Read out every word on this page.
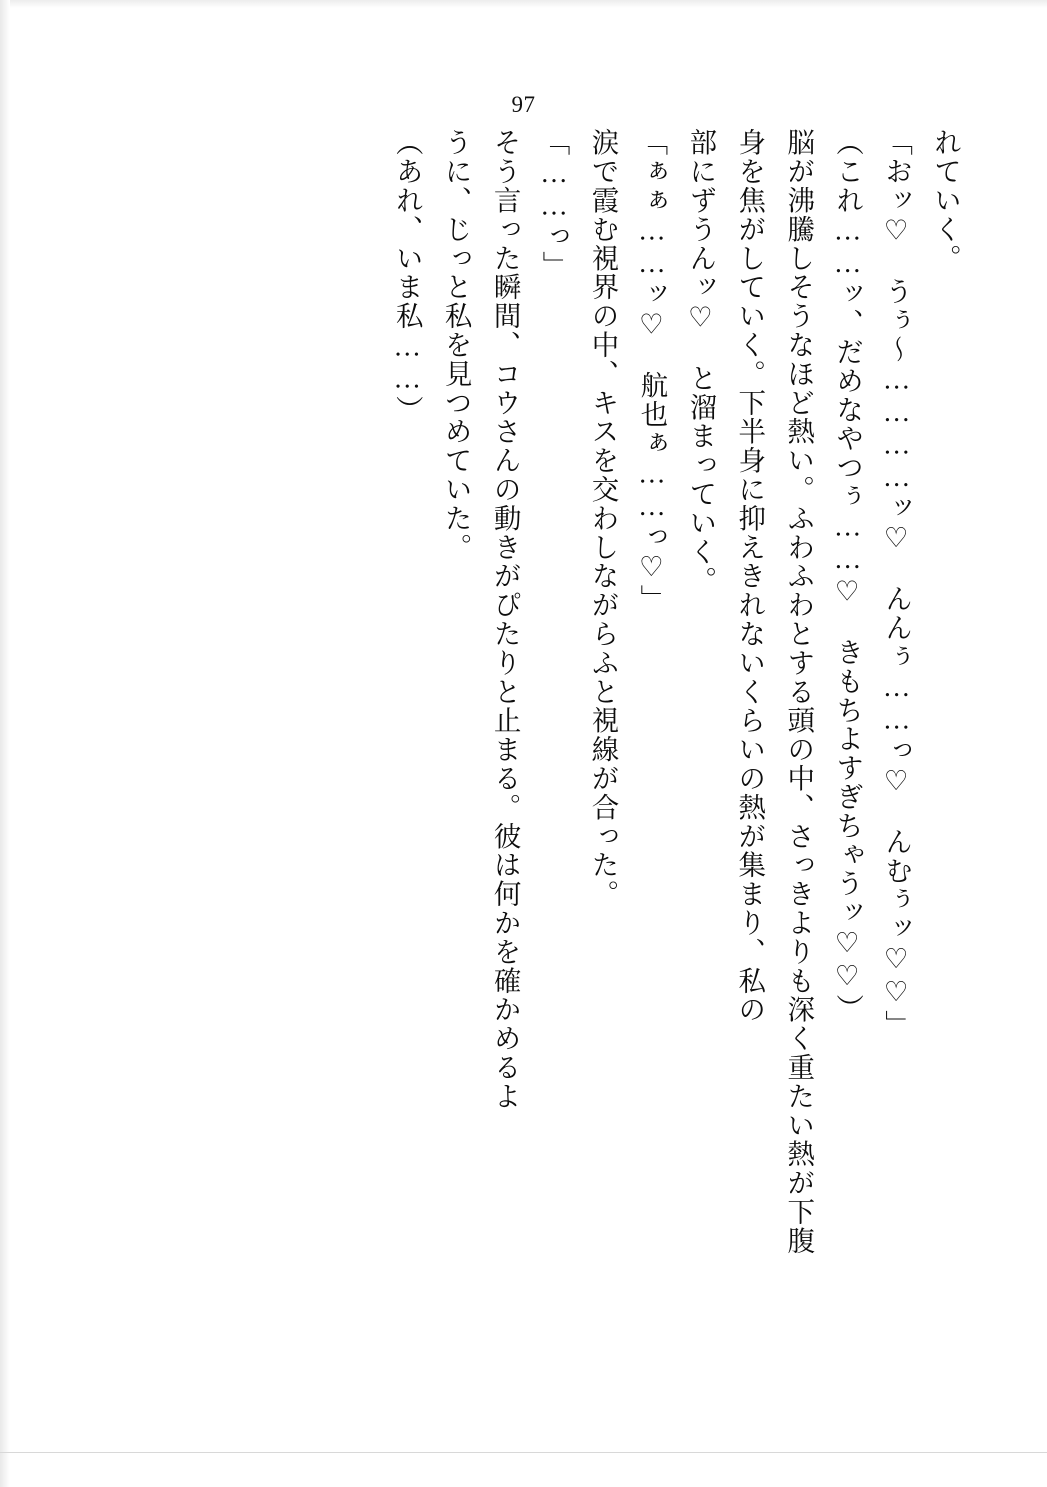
97

れていく。

「おッ♡　うぅ～…………ッ♡　んんぅ……っ♡　んむぅッ♡♡」

（これ……ッ、だめなやつぅ……♡　きもちよすぎちゃうッ♡♡）

脳が沸騰しそうなほど熱い。ふわふわとする頭の中、さっきよりも深く重たい熱が下腹

身を焦がしていく。下半身に抑えきれないくらいの熱が集まり、私の

部にずうんッ♡　と溜まっていく。

「ぁぁ……ッ♡　航也ぁ……っ♡」

涙で霞む視界の中、キスを交わしながらふと視線が合った。

「……っ」

そう言った瞬間、コウさんの動きがぴたりと止まる。彼は何かを確かめるよ

うに、じっと私を見つめていた。

（あれ、いま私……）
